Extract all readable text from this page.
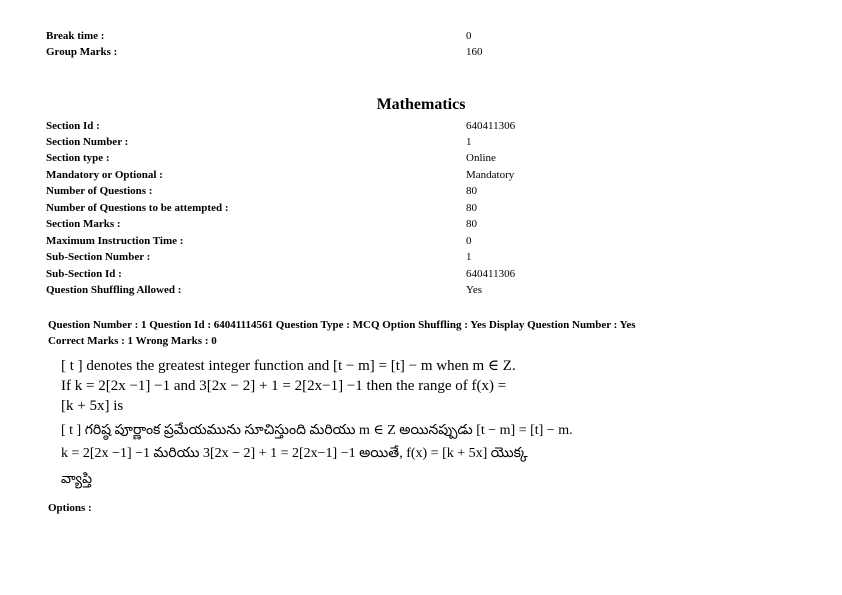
Break time :	0
Group Marks :	160
Mathematics
Section Id :	640411306
Section Number :	1
Section type :	Online
Mandatory or Optional :	Mandatory
Number of Questions :	80
Number of Questions to be attempted :	80
Section Marks :	80
Maximum Instruction Time :	0
Sub-Section Number :	1
Sub-Section Id :	640411306
Question Shuffling Allowed :	Yes
Question Number : 1 Question Id : 64041114561 Question Type : MCQ Option Shuffling : Yes Display Question Number : Yes
Correct Marks : 1 Wrong Marks : 0
[ t ] denotes the greatest integer function and [t − m] = [t] − m when m ∈ Z.
If k = 2[2x −1] −1 and 3[2x − 2] + 1 = 2[2x−1] −1 then the range of f(x) =
[k + 5x] is
[ t ] గరిష్ఠ పూర్ణాంక ప్రమేయమును సూచిస్తుంది మరియు m ∈ Z అయినప్పుడు [t − m] = [t] − m.
k = 2[2x −1] −1 మరియు 3[2x − 2] + 1 = 2[2x−1] −1 అయితే, f(x) = [k + 5x] యొక్క
వ్యాప్తి
Options :
